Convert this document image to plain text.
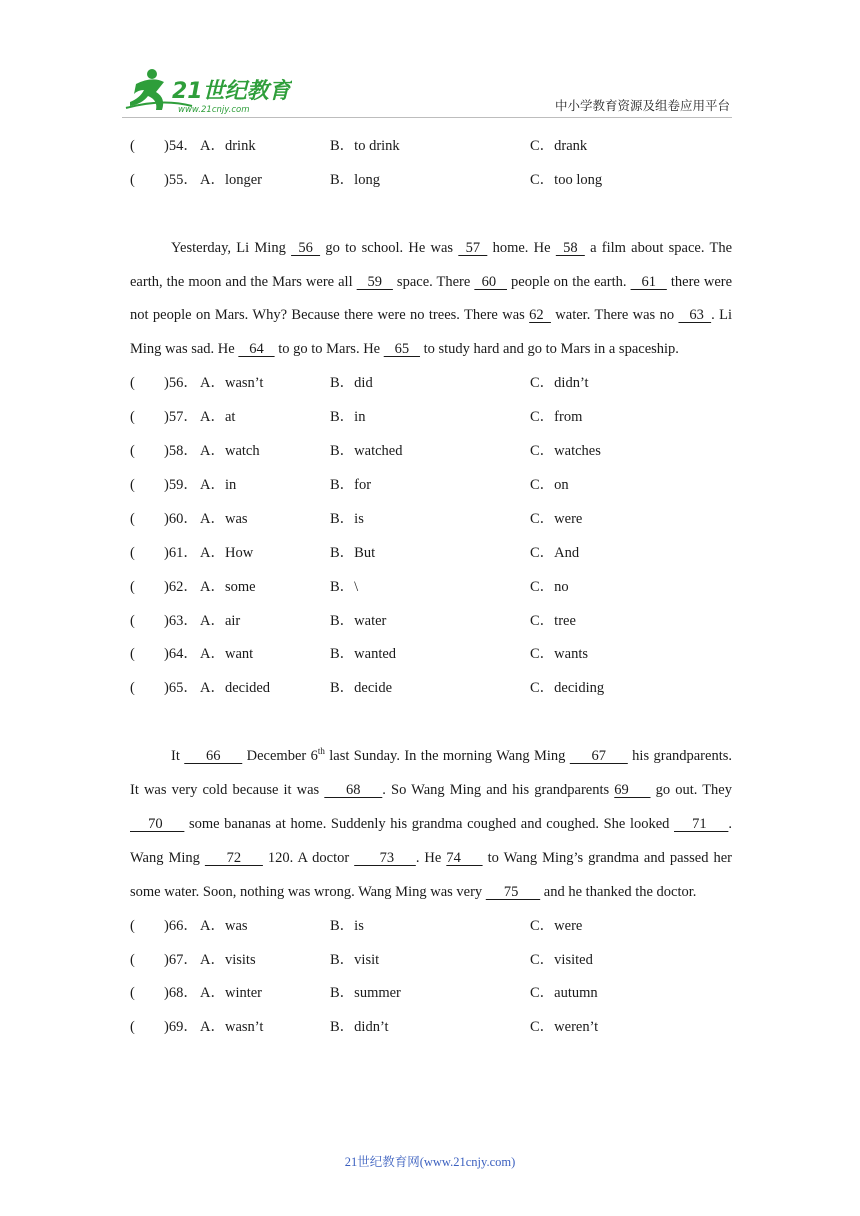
21世纪教育
www.21cnjy.com	中小学教育资源及组卷应用平台
( )54． A．drink	B．to drink	C．drank
( )55． A．longer	B．long	C．too long
Yesterday, Li Ming   56   go to school. He was   57   home. He   58   a film about space. The earth, the moon and the Mars were all    59    space. There   60    people on the earth.    61    there were not people on Mars. Why? Because there were no trees. There was 62   water. There was no    63  . Li Ming was sad. He    64    to go to Mars. He    65    to study hard and go to Mars in a spaceship.
( )56． A．wasn’t	B．did	C．didn’t
( )57． A．at	B．in	C．from
( )58． A．watch	B．watched	C．watches
( )59． A．in	B．for	C．on
( )60． A．was	B．is	C．were
( )61． A．How	B．But	C．And
( )62． A．some	B．\	C．no
( )63． A．air	B．water	C．tree
( )64． A．want	B．wanted	C．wants
( )65． A．decided	B．decide	C．deciding
It       66       December 6th last Sunday. In the morning Wang Ming       67       his grandparents. It was very cold because it was       68      . So Wang Ming and his grandparents 69       go out. They      70       some bananas at home. Suddenly his grandma coughed and coughed. She looked      71      . Wang Ming       72       120. A doctor        73      . He 74       to Wang Ming’s grandma and passed her some water. Soon, nothing was wrong. Wang Ming was very      75       and he thanked the doctor.
( )66． A．was	B．is	C．were
( )67． A．visits	B．visit	C．visited
( )68． A．winter	B．summer	C．autumn
( )69． A．wasn’t	B．didn’t	C．weren’t
21世纪教育网(www.21cnjy.com)
